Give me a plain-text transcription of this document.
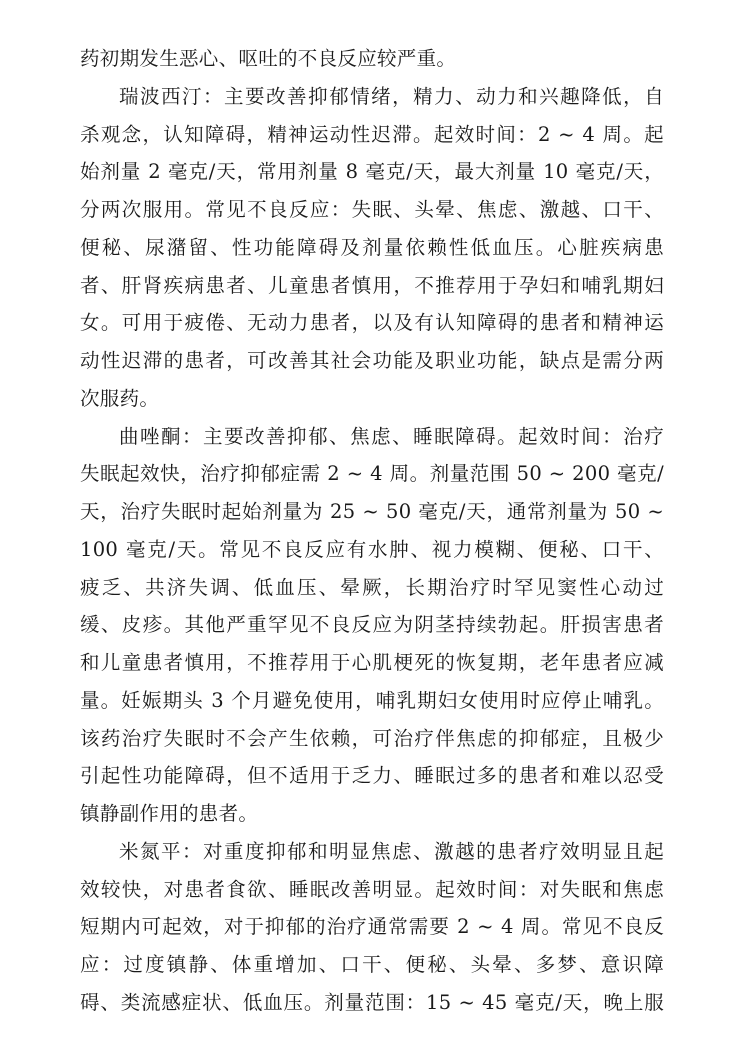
药初期发生恶心、呕吐的不良反应较严重。
瑞波西汀：主要改善抑郁情绪，精力、动力和兴趣降低，自
杀观念，认知障碍，精神运动性迟滞。起效时间：2 ~ 4 周。起
始剂量 2 毫克/天，常用剂量 8 毫克/天，最大剂量 10 毫克/天，
分两次服用。常见不良反应：失眠、头晕、焦虑、激越、口干、
便秘、尿潴留、性功能障碍及剂量依赖性低血压。心脏疾病患
者、肝肾疾病患者、儿童患者慎用，不推荐用于孕妇和哺乳期妇
女。可用于疲倦、无动力患者，以及有认知障碍的患者和精神运
动性迟滞的患者，可改善其社会功能及职业功能，缺点是需分两
次服药。
曲唑酮：主要改善抑郁、焦虑、睡眠障碍。起效时间：治疗
失眠起效快，治疗抑郁症需 2 ~ 4 周。剂量范围 50 ~ 200 毫克/
天，治疗失眠时起始剂量为 25 ~ 50 毫克/天，通常剂量为 50 ~
100 毫克/天。常见不良反应有水肿、视力模糊、便秘、口干、
疲乏、共济失调、低血压、晕厥，长期治疗时罕见窦性心动过
缓、皮疹。其他严重罕见不良反应为阴茎持续勃起。肝损害患者
和儿童患者慎用，不推荐用于心肌梗死的恢复期，老年患者应减
量。妊娠期头 3 个月避免使用，哺乳期妇女使用时应停止哺乳。
该药治疗失眠时不会产生依赖，可治疗伴焦虑的抑郁症，且极少
引起性功能障碍，但不适用于乏力、睡眠过多的患者和难以忍受
镇静副作用的患者。
米氮平：对重度抑郁和明显焦虑、激越的患者疗效明显且起
效较快，对患者食欲、睡眠改善明显。起效时间：对失眠和焦虑
短期内可起效，对于抑郁的治疗通常需要 2 ~ 4 周。常见不良反
应：过度镇静、体重增加、口干、便秘、头晕、多梦、意识障
碍、类流感症状、低血压。剂量范围：15 ~ 45 毫克/天，晚上服
